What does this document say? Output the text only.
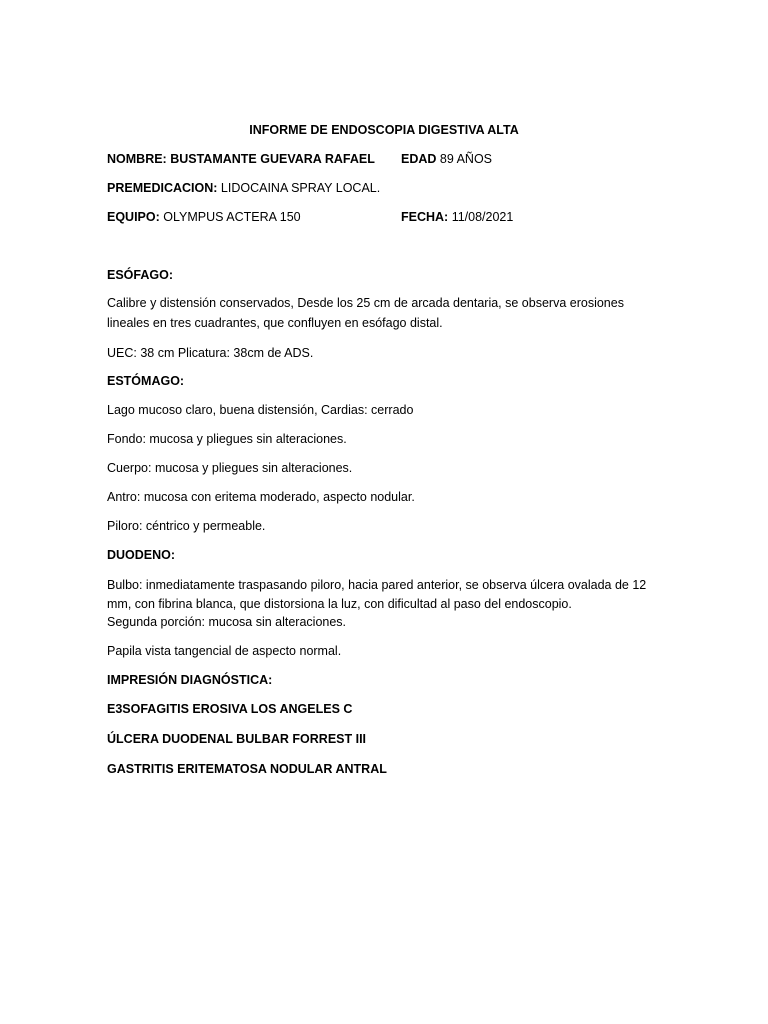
INFORME DE ENDOSCOPIA DIGESTIVA ALTA
NOMBRE: BUSTAMANTE GUEVARA RAFAEL EDAD 89 AÑOS
PREMEDICACION: LIDOCAINA SPRAY LOCAL.
EQUIPO: OLYMPUS ACTERA 150	FECHA: 11/08/2021
ESÓFAGO:
Calibre y distensión conservados, Desde los 25 cm de arcada dentaria, se observa erosiones
lineales en tres cuadrantes, que confluyen en esófago distal.
UEC: 38 cm Plicatura: 38cm de ADS.
ESTÓMAGO:
Lago mucoso claro, buena distensión, Cardias: cerrado
Fondo: mucosa y pliegues sin alteraciones.
Cuerpo: mucosa y pliegues sin alteraciones.
Antro: mucosa con eritema moderado, aspecto nodular.
Piloro: céntrico y permeable.
DUODENO:
Bulbo: inmediatamente traspasando piloro, hacia pared anterior, se observa úlcera ovalada de 12
mm, con fibrina blanca, que distorsiona la luz, con dificultad al paso del endoscopio.
Segunda porción: mucosa sin alteraciones.
Papila vista tangencial de aspecto normal.
IMPRESIÓN DIAGNÓSTICA:
E3SOFAGITIS EROSIVA LOS ANGELES C
ÚLCERA DUODENAL BULBAR FORREST III
GASTRITIS ERITEMATOSA NODULAR ANTRAL
